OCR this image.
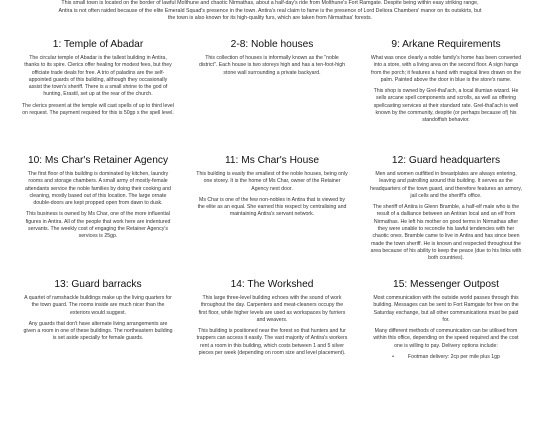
This small town is located on the border of lawful Molthune and chaotic Nirmathas, about a half-day's ride from Molthune's Fort Ramgate. Despite being within easy striking range,

Antira is not often raided because of the elite Emerald Squad's presence in the town. Antira's real claim to fame is the presence of Lord Deliora Chambers' manor on its outskirts, but

the town is also known for its high-quality furs, which are taken from Nirmathas' forests.

1: Temple of Abadar

The circular temple of Abadar is the tallest building in Antira, thanks to its spire. Clerics offer healing for modest fees, but they officiate trade deals for free. A trio of paladins are the self-appointed guards of this building, although they occasionally assist the town's sheriff. There is a small shrine to the god of hunting, Erastil, set up at the rear of the church.

The clerics present at the temple will cast spells of up to third level on request. The payment required for this is 50gp x the spell level.

2-8: Noble houses

This collection of houses is informally known as the "noble district". Each house is two storeys high and has a ten-foot-high stone wall surrounding a private backyard.

9: Arkane Requirements

What was once clearly a noble family's home has been converted into a store, with a living area on the second floor. A sign hangs from the porch; it features a hand with magical lines drawn on the palm. Painted above the door in blue is the store's name.

This shop is owned by Grel-thal'ach, a local illumian wizard. He sells arcane spell components and scrolls, as well as offering spellcasting services at their standard rate. Grel-thal'ach is well known by the community, despite (or perhaps because of) his standoffish behavior.

10: Ms Char's Retainer Agency

The first floor of this building is dominated by kitchen, laundry rooms and storage chambers. A small army of mostly-female attendants service the noble families by doing their cooking and cleaning, mostly based out of this location. The large ornate double-doors are kept propped open from dawn to dusk.

This business is owned by Ms Char, one of the more influential figures in Antira. All of the people that work here are indentured servants. The weekly cost of engaging the Retainer Agency's services is 25gp.

11: Ms Char's House

This building is easily the smallest of the noble houses, being only one storey. It is the home of Ms Char, owner of the Retainer Agency next door.

Ms Char is one of the few non-nobles in Antira that is viewed by the elite as an equal. She earned this respect by centralising and maintaining Antira's servant network.

12: Guard headquarters

Men and women outfitted in breastplates are always entering, leaving and patrolling around this building. It serves as the headquarters of the town guard, and therefore features an armory, jail cells and the sheriff's office.

The sheriff of Antira is Glenn Bramble, a half-elf male who is the result of a dalliance between an Antiran local and an elf from Nirmathas. He left his mother on good terms in Nirmathas after they were unable to reconcile his lawful tendencies with her chaotic ones. Bramble came to live in Antira and has since been made the town sheriff. He is known and respected throughout the area because of his ability to keep the peace (due to his links with both countries).

13: Guard barracks

A quartet of ramshackle buildings make up the living quarters for the town guard. The rooms inside are much nicer than the exteriors would suggest.

Any guards that don't have alternate living arrangements are given a room in one of these buildings. The northeastern building is set aside specially for female guards.

14: The Workshed

This large three-level building echoes with the sound of work throughout the day. Carpenters and meat-cleaners occupy the first floor, while higher levels are used as workspaces by furriers and weavers.

This building is positioned near the forest so that hunters and fur trappers can access it easily. The vast majority of Antira's workers rent a room in this building, which costs between 1 and 5 silver pieces per week (depending on room size and level placement).

15: Messenger Outpost

Most communication with the outside world passes through this building. Messages can be sent to Fort Ramgate for free on the Saturday exchange, but all other communications must be paid for.

Many different methods of communication can be utilised from within this office, depending on the speed required and the cost one is willing to pay. Delivery options include:

• Footman delivery: 2cp per mile plus 1gp
